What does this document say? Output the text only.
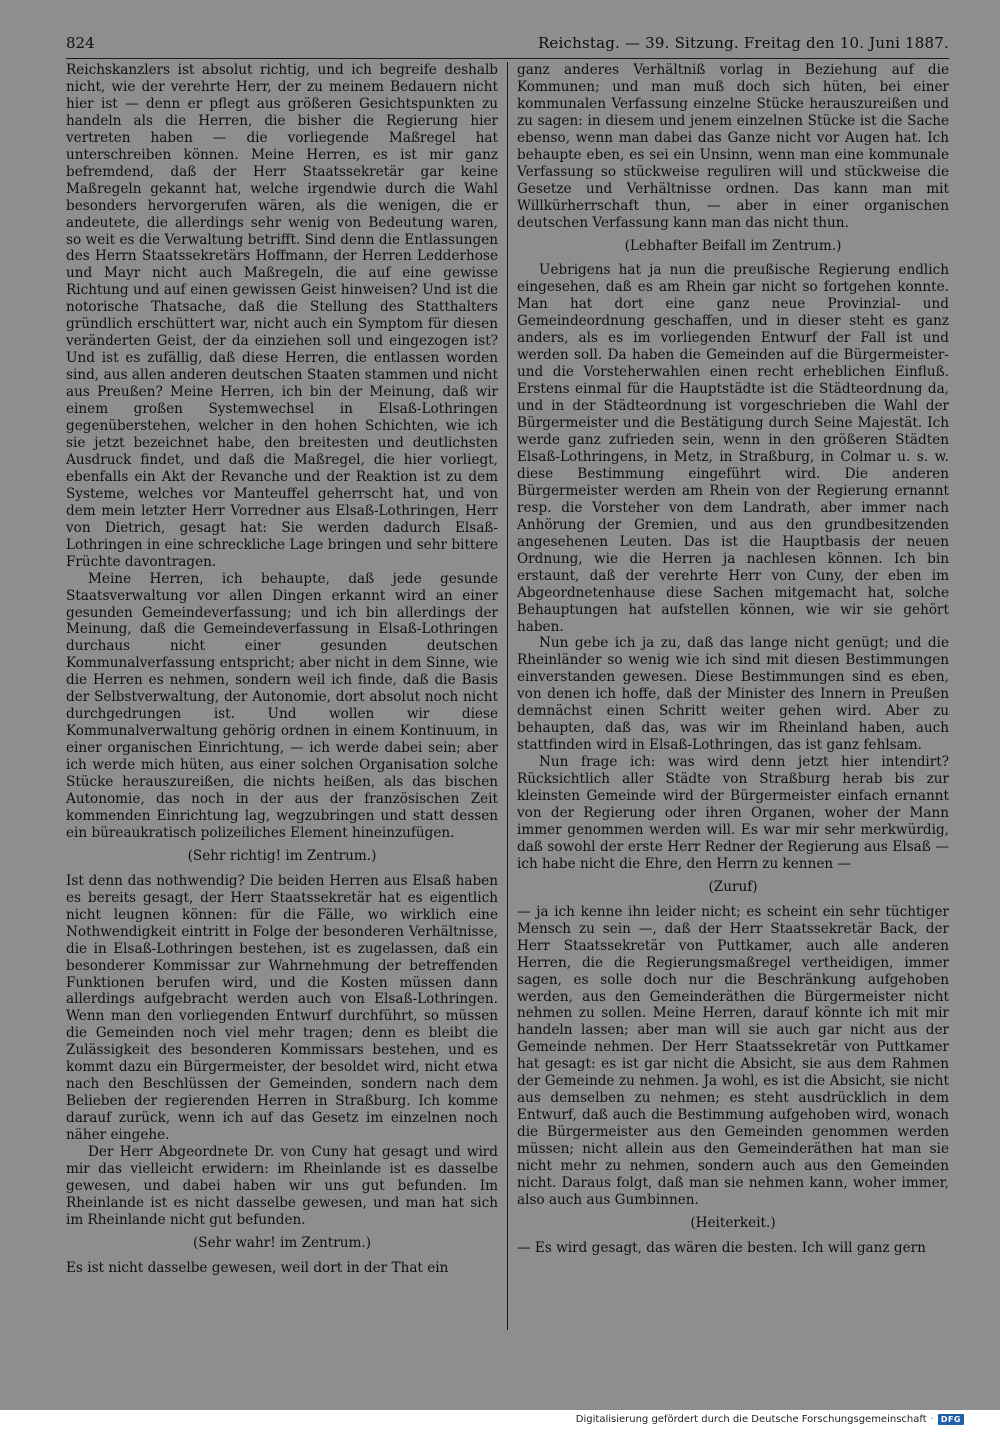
824	Reichstag. — 39. Sitzung. Freitag den 10. Juni 1887.

Reichskanzlers ist absolut richtig, und ich begreife deshalb nicht, wie der verehrte Herr, der zu meinem Bedauern nicht hier ist — denn er pflegt aus größeren Gesichtspunkten zu handeln als die Herren, die bisher die Regierung hier vertreten haben — die vorliegende Maßregel hat unterschreiben können. Meine Herren, es ist mir ganz befremdend, daß der Herr Staatssekretär gar keine Maßregeln gekannt hat, welche irgendwie durch die Wahl besonders hervorgerufen wären, als die wenigen, die er andeutete, die allerdings sehr wenig von Bedeutung waren, so weit es die Verwaltung betrifft. Sind denn die Entlassungen des Herrn Staatssekretärs Hoffmann, der Herren Ledderhose und Mayr nicht auch Maßregeln, die auf eine gewisse Richtung und auf einen gewissen Geist hinweisen? Und ist die notorische Thatsache, daß die Stellung des Statthalters gründlich erschüttert war, nicht auch ein Symptom für diesen veränderten Geist, der da einziehen soll und eingezogen ist? Und ist es zufällig, daß diese Herren, die entlassen worden sind, aus allen anderen deutschen Staaten stammen und nicht aus Preußen? Meine Herren, ich bin der Meinung, daß wir einem großen Systemwechsel in Elsaß-Lothringen gegenüberstehen, welcher in den hohen Schichten, wie ich sie jetzt bezeichnet habe, den breitesten und deutlichsten Ausdruck findet, und daß die Maßregel, die hier vorliegt, ebenfalls ein Akt der Revanche und der Reaktion ist zu dem Systeme, welches vor Manteuffel geherrscht hat, und von dem mein letzter Herr Vorredner aus Elsaß-Lothringen, Herr von Dietrich, gesagt hat: Sie werden dadurch Elsaß-Lothringen in eine schreckliche Lage bringen und sehr bittere Früchte davontragen.

Meine Herren, ich behaupte, daß jede gesunde Staatsverwaltung vor allen Dingen erkannt wird an einer gesunden Gemeindeverfassung; und ich bin allerdings der Meinung, daß die Gemeindeverfassung in Elsaß-Lothringen durchaus nicht einer gesunden deutschen Kommunalverfassung entspricht; aber nicht in dem Sinne, wie die Herren es nehmen, sondern weil ich finde, daß die Basis der Selbstverwaltung, der Autonomie, dort absolut noch nicht durchgedrungen ist. Und wollen wir diese Kommunalverwaltung gehörig ordnen in einem Kontinuum, in einer organischen Einrichtung, — ich werde dabei sein; aber ich werde mich hüten, aus einer solchen Organisation solche Stücke herauszureißen, die nichts heißen, als das bischen Autonomie, das noch in der aus der französischen Zeit kommenden Einrichtung lag, wegzubringen und statt dessen ein büreaukratisch polizeiliches Element hineinzufügen.

(Sehr richtig! im Zentrum.)

Ist denn das nothwendig? Die beiden Herren aus Elsaß haben es bereits gesagt, der Herr Staatssekretär hat es eigentlich nicht leugnen können: für die Fälle, wo wirklich eine Nothwendigkeit eintritt in Folge der besonderen Verhältnisse, die in Elsaß-Lothringen bestehen, ist es zugelassen, daß ein besonderer Kommissar zur Wahrnehmung der betreffenden Funktionen berufen wird, und die Kosten müssen dann allerdings aufgebracht werden auch von Elsaß-Lothringen. Wenn man den vorliegenden Entwurf durchführt, so müssen die Gemeinden noch viel mehr tragen; denn es bleibt die Zulässigkeit des besonderen Kommissars bestehen, und es kommt dazu ein Bürgermeister, der besoldet wird, nicht etwa nach den Beschlüssen der Gemeinden, sondern nach dem Belieben der regierenden Herren in Straßburg. Ich komme darauf zurück, wenn ich auf das Gesetz im einzelnen noch näher eingehe.

Der Herr Abgeordnete Dr. von Cuny hat gesagt und wird mir das vielleicht erwidern: im Rheinlande ist es dasselbe gewesen, und dabei haben wir uns gut befunden. Im Rheinlande ist es nicht dasselbe gewesen, und man hat sich im Rheinlande nicht gut befunden.

(Sehr wahr! im Zentrum.)

Es ist nicht dasselbe gewesen, weil dort in der That ein

ganz anderes Verhältniß vorlag in Beziehung auf die Kommunen; und man muß doch sich hüten, bei einer kommunalen Verfassung einzelne Stücke herauszureißen und zu sagen: in diesem und jenem einzelnen Stücke ist die Sache ebenso, wenn man dabei das Ganze nicht vor Augen hat. Ich behaupte eben, es sei ein Unsinn, wenn man eine kommunale Verfassung so stückweise reguliren will und stückweise die Gesetze und Verhältnisse ordnen. Das kann man mit Willkürherrschaft thun, — aber in einer organischen deutschen Verfassung kann man das nicht thun.

(Lebhafter Beifall im Zentrum.)

Uebrigens hat ja nun die preußische Regierung endlich eingesehen, daß es am Rhein gar nicht so fortgehen konnte. Man hat dort eine ganz neue Provinzial- und Gemeindeordnung geschaffen, und in dieser steht es ganz anders, als es im vorliegenden Entwurf der Fall ist und werden soll. Da haben die Gemeinden auf die Bürgermeister- und die Vorsteherwahlen einen recht erheblichen Einfluß. Erstens einmal für die Hauptstädte ist die Städteordnung da, und in der Städteordnung ist vorgeschrieben die Wahl der Bürgermeister und die Bestätigung durch Seine Majestät. Ich werde ganz zufrieden sein, wenn in den größeren Städten Elsaß-Lothringens, in Metz, in Straßburg, in Colmar u. s. w. diese Bestimmung eingeführt wird. Die anderen Bürgermeister werden am Rhein von der Regierung ernannt resp. die Vorsteher von dem Landrath, aber immer nach Anhörung der Gremien, und aus den grundbesitzenden angesehenen Leuten. Das ist die Hauptbasis der neuen Ordnung, wie die Herren ja nachlesen können. Ich bin erstaunt, daß der verehrte Herr von Cuny, der eben im Abgeordnetenhause diese Sachen mitgemacht hat, solche Behauptungen hat aufstellen können, wie wir sie gehört haben.

Nun gebe ich ja zu, daß das lange nicht genügt; und die Rheinländer so wenig wie ich sind mit diesen Bestimmungen einverstanden gewesen. Diese Bestimmungen sind es eben, von denen ich hoffe, daß der Minister des Innern in Preußen demnächst einen Schritt weiter gehen wird. Aber zu behaupten, daß das, was wir im Rheinland haben, auch stattfinden wird in Elsaß-Lothringen, das ist ganz fehlsam.

Nun frage ich: was wird denn jetzt hier intendirt? Rücksichtlich aller Städte von Straßburg herab bis zur kleinsten Gemeinde wird der Bürgermeister einfach ernannt von der Regierung oder ihren Organen, woher der Mann immer genommen werden will. Es war mir sehr merkwürdig, daß sowohl der erste Herr Redner der Regierung aus Elsaß — ich habe nicht die Ehre, den Herrn zu kennen —

(Zuruf)

— ja ich kenne ihn leider nicht; es scheint ein sehr tüchtiger Mensch zu sein —, daß der Herr Staatssekretär Back, der Herr Staatssekretär von Puttkamer, auch alle anderen Herren, die die Regierungsmaßregel vertheidigen, immer sagen, es solle doch nur die Beschränkung aufgehoben werden, aus den Gemeinderäthen die Bürgermeister nicht nehmen zu sollen. Meine Herren, darauf könnte ich mit mir handeln lassen; aber man will sie auch gar nicht aus der Gemeinde nehmen. Der Herr Staatssekretär von Puttkamer hat gesagt: es ist gar nicht die Absicht, sie aus dem Rahmen der Gemeinde zu nehmen. Ja wohl, es ist die Absicht, sie nicht aus demselben zu nehmen; es steht ausdrücklich in dem Entwurf, daß auch die Bestimmung aufgehoben wird, wonach die Bürgermeister aus den Gemeinden genommen werden müssen; nicht allein aus den Gemeinderäthen hat man sie nicht mehr zu nehmen, sondern auch aus den Gemeinden nicht. Daraus folgt, daß man sie nehmen kann, woher immer, also auch aus Gumbinnen.

(Heiterkeit.)

— Es wird gesagt, das wären die besten. Ich will ganz gern

Digitalisierung gefördert durch die Deutsche Forschungsgemeinschaft · DFG
